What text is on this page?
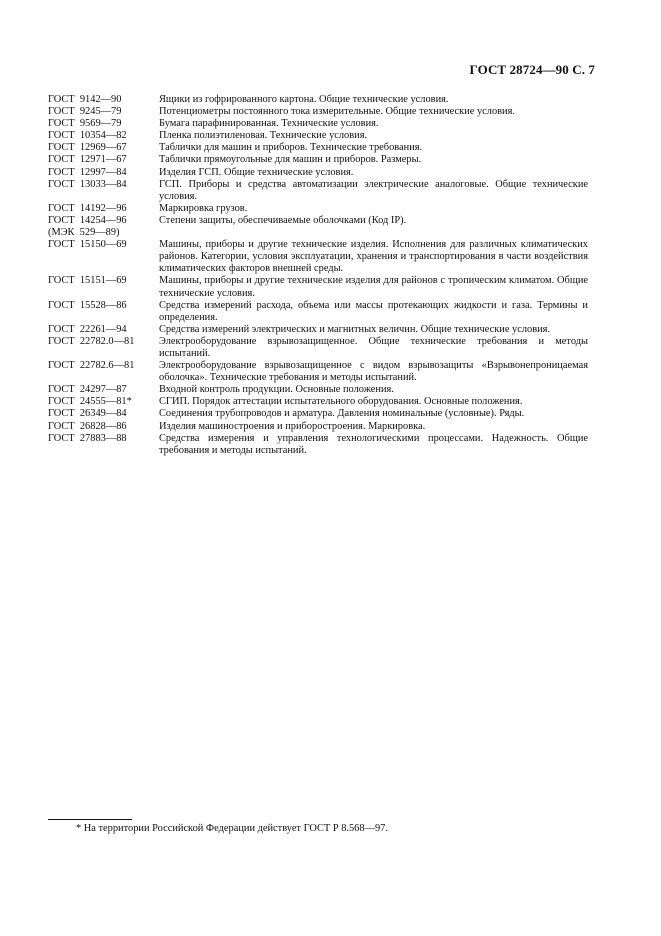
ГОСТ 28724—90 С. 7
ГОСТ  9142—90	Ящики из гофрированного картона. Общие технические условия.
ГОСТ  9245—79	Потенциометры постоянного тока измерительные. Общие технические условия.
ГОСТ  9569—79	Бумага парафинированная. Технические условия.
ГОСТ  10354—82	Пленка полиэтиленовая. Технические условия.
ГОСТ  12969—67	Таблички для машин и приборов. Технические требования.
ГОСТ  12971—67	Таблички прямоугольные для машин и приборов. Размеры.
ГОСТ  12997—84	Изделия ГСП. Общие технические условия.
ГОСТ  13033—84	ГСП. Приборы и средства автоматизации электрические аналоговые. Общие технические условия.
ГОСТ  14192—96	Маркировка грузов.
ГОСТ  14254—96	Степени защиты, обеспечиваемые оболочками (Код IP).
(МЭК  529—89)
ГОСТ  15150—69	Машины, приборы и другие технические изделия. Исполнения для различных климатических районов. Категории, условия эксплуатации, хранения и транспортирования в части воздействия климатических факторов внешней среды.
ГОСТ  15151—69	Машины, приборы и другие технические изделия для районов с тропическим климатом. Общие технические условия.
ГОСТ  15528—86	Средства измерений расхода, объема или массы протекающих жидкости и газа. Термины и определения.
ГОСТ  22261—94	Средства измерений электрических и магнитных величин. Общие технические условия.
ГОСТ  22782.0—81	Электрооборудование взрывозащищенное. Общие технические требования и методы испытаний.
ГОСТ  22782.6—81	Электрооборудование взрывозащищенное с видом взрывозащиты «Взрывонепроницаемая оболочка». Технические требования и методы испытаний.
ГОСТ  24297—87	Входной контроль продукции. Основные положения.
ГОСТ  24555—81*	СГИП. Порядок аттестации испытательного оборудования. Основные положения.
ГОСТ  26349—84	Соединения трубопроводов и арматура. Давления номинальные (условные). Ряды.
ГОСТ  26828—86	Изделия машиностроения и приборостроения. Маркировка.
ГОСТ  27883—88	Средства измерения и управления технологическими процессами. Надежность. Общие требования и методы испытаний.
* На территории Российской Федерации действует ГОСТ Р 8.568—97.
